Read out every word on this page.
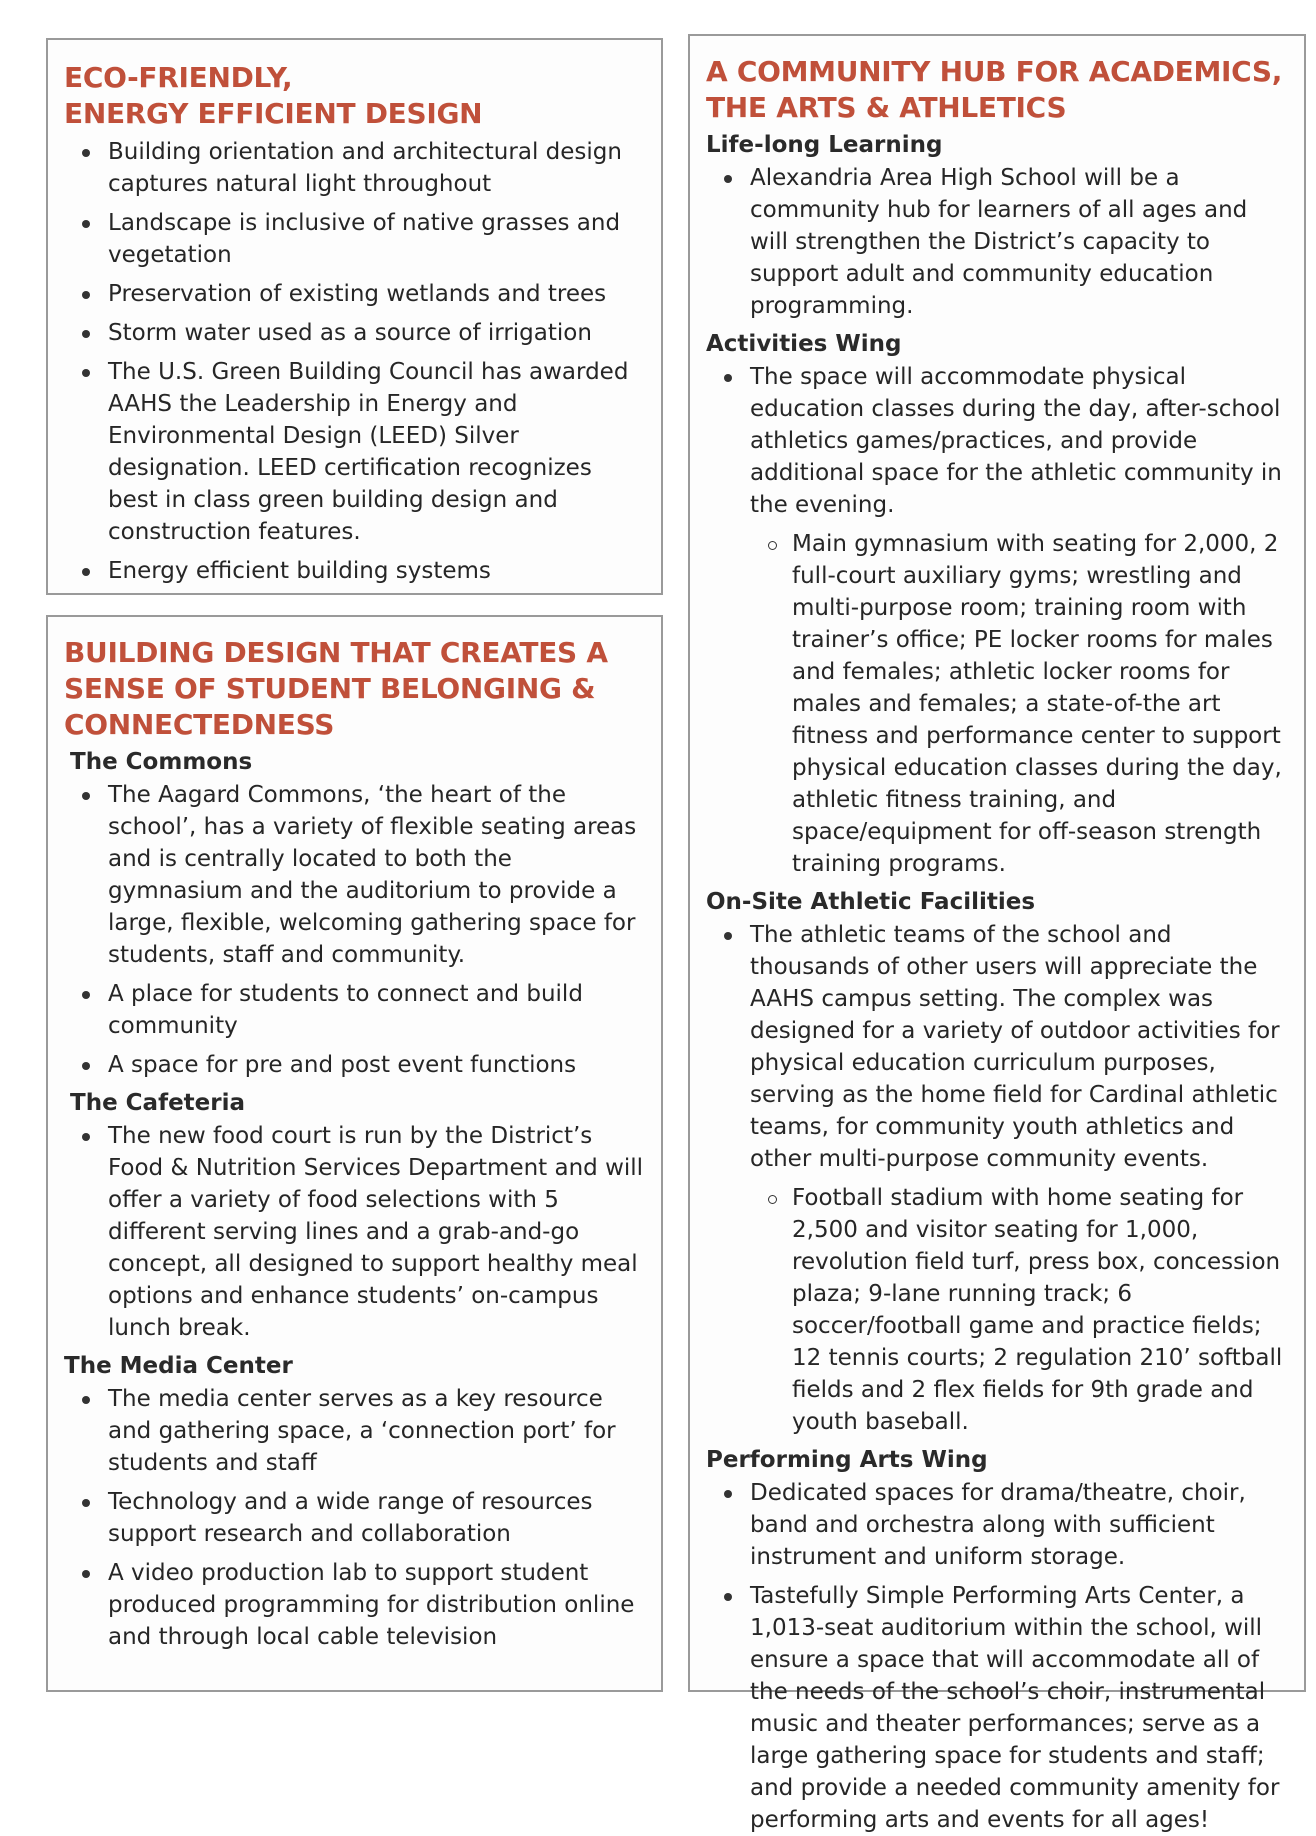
ECO-FRIENDLY,
ENERGY EFFICIENT DESIGN
Building orientation and architectural design captures natural light throughout
Landscape is inclusive of native grasses and vegetation
Preservation of existing wetlands and trees
Storm water used as a source of irrigation
The U.S. Green Building Council has awarded AAHS the Leadership in Energy and Environmental Design (LEED) Silver designation. LEED certification recognizes best in class green building design and construction features.
Energy efficient building systems
BUILDING DESIGN THAT CREATES A
SENSE OF STUDENT BELONGING &
CONNECTEDNESS
The Commons
The Aagard Commons, ‘the heart of the school’, has a variety of flexible seating areas and is centrally located to both the gymnasium and the auditorium to provide a large, flexible, welcoming gathering space for students, staff and community.
A place for students to connect and build community
A space for pre and post event functions
The Cafeteria
The new food court is run by the District’s Food & Nutrition Services Department and will offer a variety of food selections with 5 different serving lines and a grab-and-go concept, all designed to support healthy meal options and enhance students’ on-campus lunch break.
The Media Center
The media center serves as a key resource and gathering space, a ‘connection port’ for students and staff
Technology and a wide range of resources support research and collaboration
A video production lab to support student produced programming for distribution online and through local cable television
A COMMUNITY HUB FOR ACADEMICS,
THE ARTS & ATHLETICS
Life-long Learning
Alexandria Area High School will be a community hub for learners of all ages and will strengthen the District’s capacity to support adult and community education programming.
Activities Wing
The space will accommodate physical education classes during the day, after-school athletics games/practices, and provide additional space for the athletic community in the evening.
Main gymnasium with seating for 2,000, 2 full-court auxiliary gyms; wrestling and multi-purpose room; training room with trainer’s office; PE locker rooms for males and females; athletic locker rooms for males and females; a state-of-the art fitness and performance center to support physical education classes during the day, athletic fitness training, and space/equipment for off-season strength training programs.
On-Site Athletic Facilities
The athletic teams of the school and thousands of other users will appreciate the AAHS campus setting. The complex was designed for a variety of outdoor activities for physical education curriculum purposes, serving as the home field for Cardinal athletic teams, for community youth athletics and other multi-purpose community events.
Football stadium with home seating for 2,500 and visitor seating for 1,000, revolution field turf, press box, concession plaza; 9-lane running track; 6 soccer/football game and practice fields; 12 tennis courts; 2 regulation 210’ softball fields and 2 flex fields for 9th grade and youth baseball.
Performing Arts Wing
Dedicated spaces for drama/theatre, choir, band and orchestra along with sufficient instrument and uniform storage.
Tastefully Simple Performing Arts Center, a 1,013-seat auditorium within the school, will ensure a space that will accommodate all of the needs of the school’s choir, instrumental music and theater performances; serve as a large gathering space for students and staff; and provide a needed community amenity for performing arts and events for all ages!
